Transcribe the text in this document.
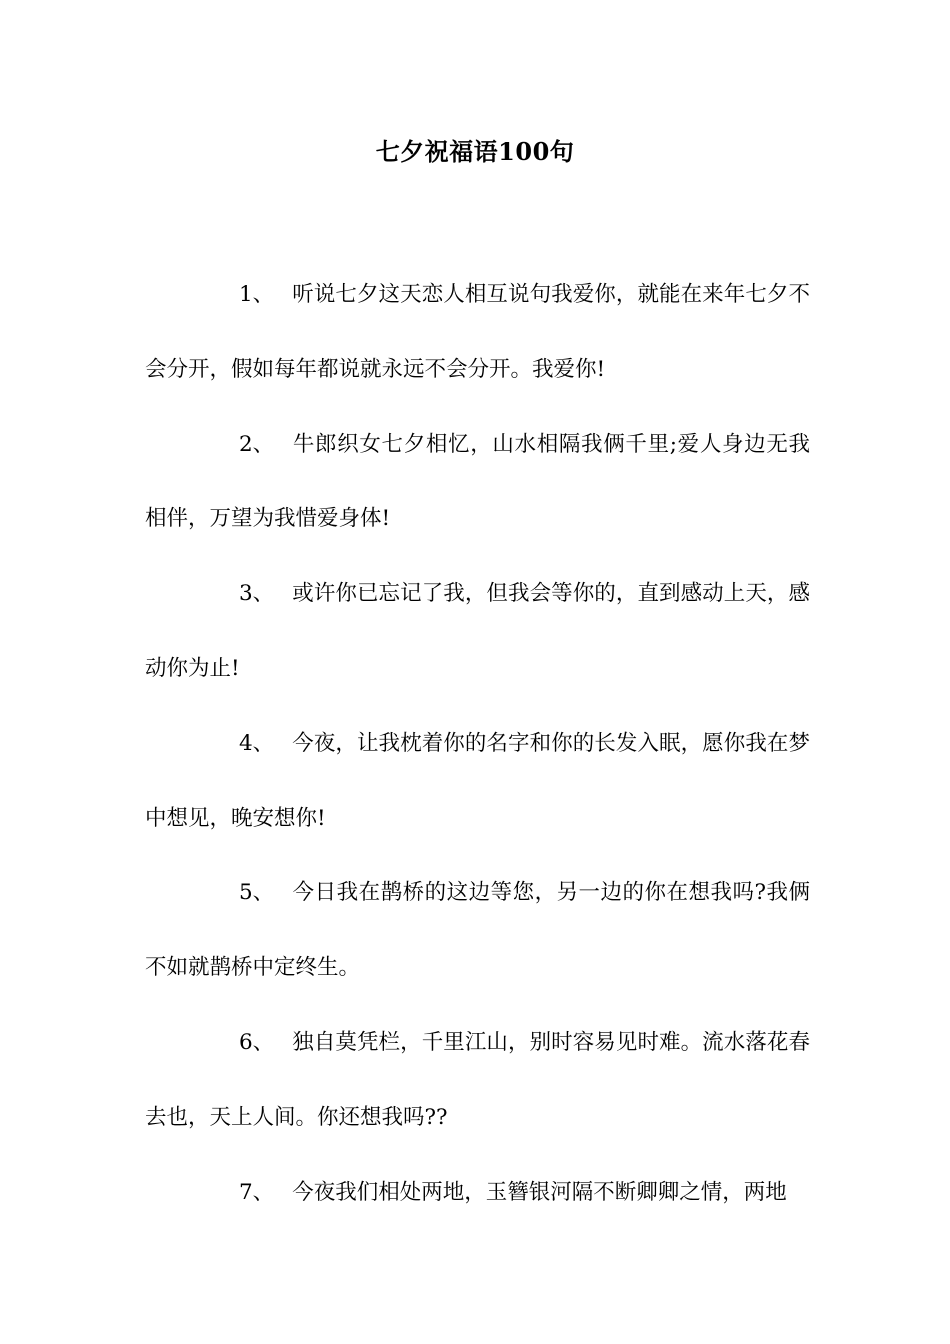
七夕祝福语100句

1、 听说七夕这天恋人相互说句我爱你，就能在来年七夕不会分开，假如每年都说就永远不会分开。我爱你!

2、 牛郎织女七夕相忆，山水相隔我俩千里;爱人身边无我相伴，万望为我惜爱身体!

3、 或许你已忘记了我，但我会等你的，直到感动上天，感动你为止!

4、 今夜，让我枕着你的名字和你的长发入眠，愿你我在梦中想见，晚安想你!

5、 今日我在鹊桥的这边等您，另一边的你在想我吗?我俩不如就鹊桥中定终生。

6、 独自莫凭栏，千里江山，别时容易见时难。流水落花春去也，天上人间。你还想我吗??

7、 今夜我们相处两地，玉簪银河隔不断卿卿之情，两地
